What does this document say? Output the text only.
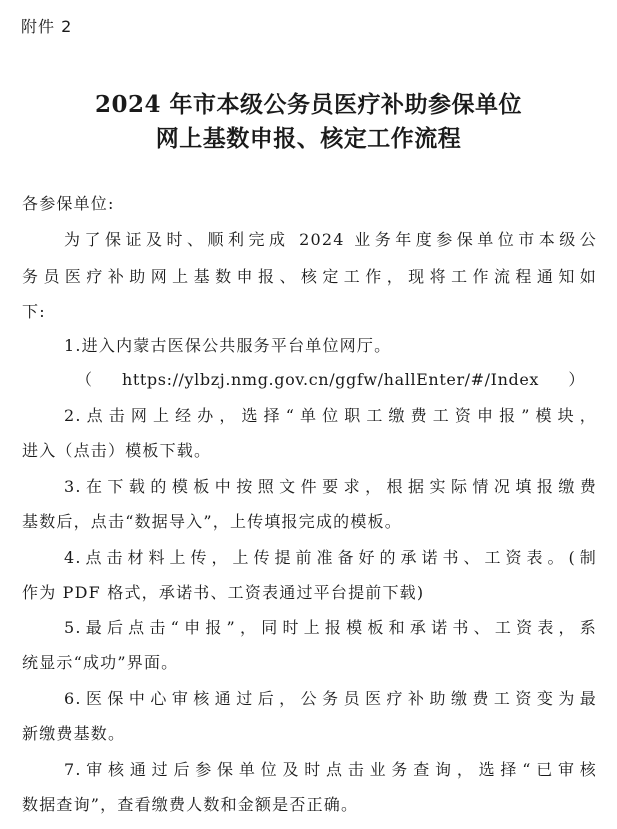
附件 2
2024 年市本级公务员医疗补助参保单位
网上基数申报、核定工作流程
各参保单位:
为了保证及时、顺利完成 2024 业务年度参保单位市本级公
务员医疗补助网上基数申报、核定工作，现将工作流程通知如
下:
1.进入内蒙古医保公共服务平台单位网厅。
（https://ylbzj.nmg.gov.cn/ggfw/hallEnter/#/Index）
2.点击网上经办，选择“单位职工缴费工资申报”模块，
进入（点击）模板下载。
3.在下载的模板中按照文件要求，根据实际情况填报缴费
基数后，点击“数据导入”，上传填报完成的模板。
4.点击材料上传，上传提前准备好的承诺书、工资表。(制
作为 PDF 格式，承诺书、工资表通过平台提前下载)
5.最后点击“申报”，同时上报模板和承诺书、工资表，系
统显示“成功”界面。
6.医保中心审核通过后，公务员医疗补助缴费工资变为最
新缴费基数。
7.审核通过后参保单位及时点击业务查询，选择“已审核
数据查询”，查看缴费人数和金额是否正确。
